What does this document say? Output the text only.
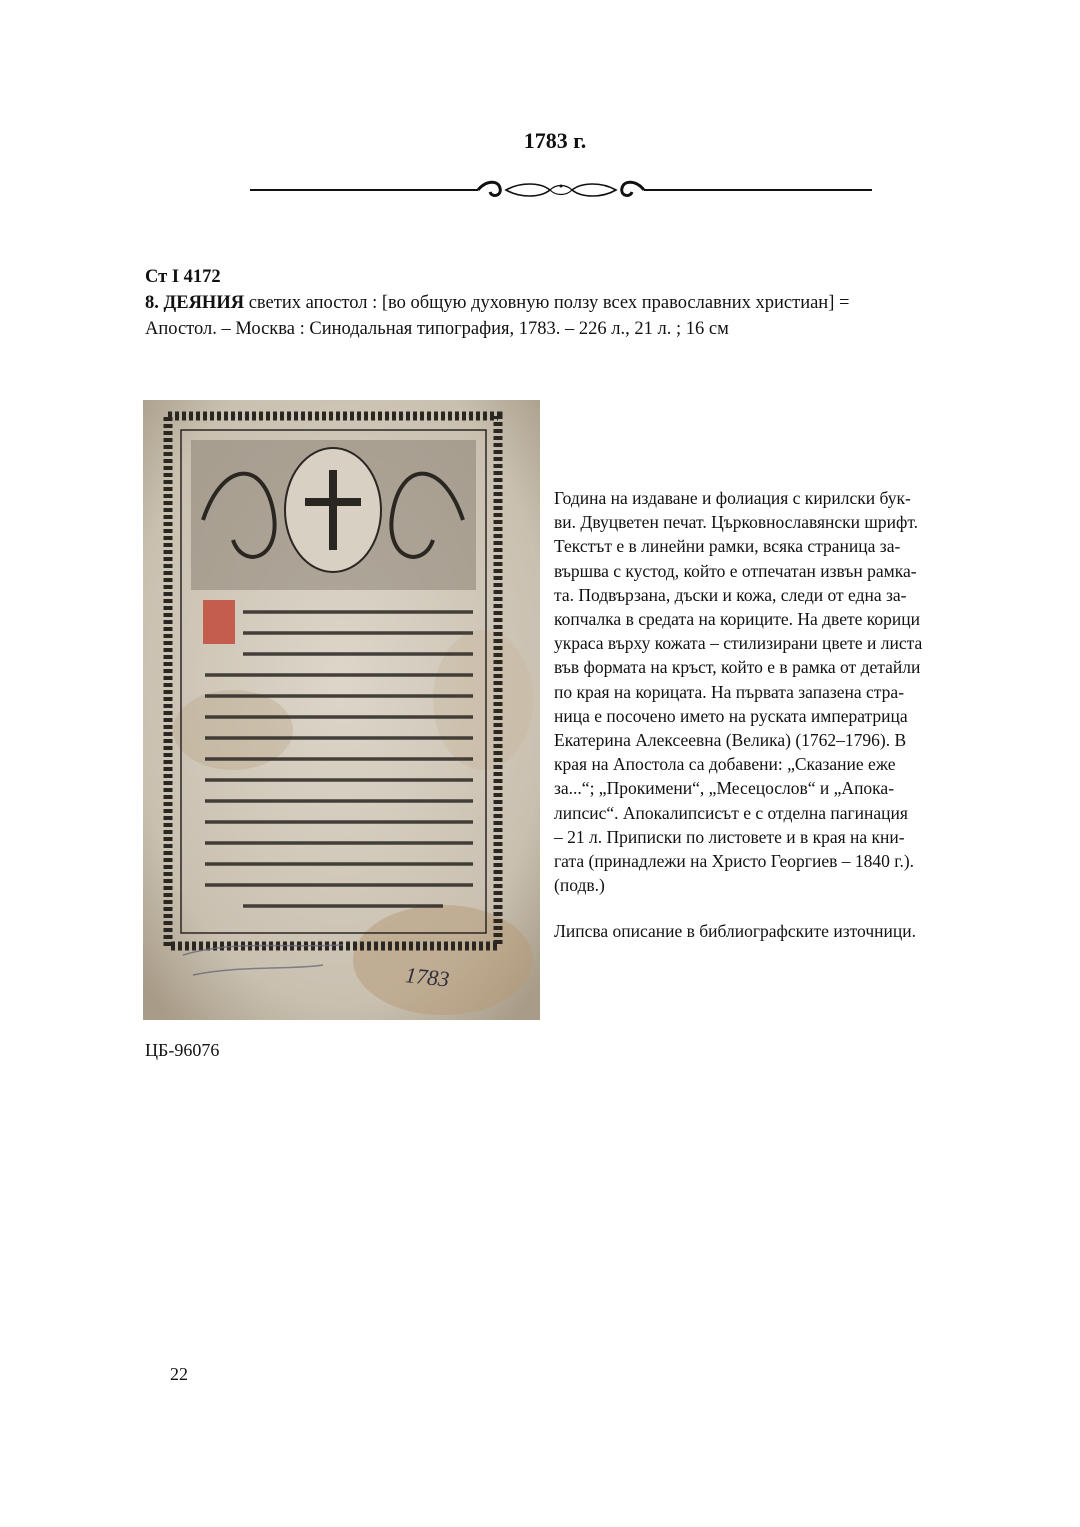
1783 г.
Ст I 4172
8. ДЕЯНИЯ светих апостол : [во общую духовную ползу всех православних христиан] =
Апостол. – Москва : Синодальная типография, 1783. – 226 л., 21 л. ; 16 см
1783
Година на издаване и фолиация с кирилски бук-
ви. Двуцветен печат. Църковнославянски шрифт.
Текстът е в линейни рамки, всяка страница за-
вършва с кустод, който е отпечатан извън рамка-
та. Подвързана, дъски и кожа, следи от една за-
копчалка в средата на кориците. На двете корици
украса върху кожата – стилизирани цвете и листа
във формата на кръст, който е в рамка от детайли
по края на корицата. На първата запазена стра-
ница е посочено името на руската императрица
Екатерина Алексеевна (Велика) (1762–1796). В
края на Апостола са добавени: „Сказание еже
за...“; „Прокимени“, „Месецослов“ и „Апока-
липсис“. Апокалипсисът е с отделна пагинация
– 21 л. Приписки по листовете и в края на кни-
гата (принадлежи на Христо Георгиев – 1840 г.).
(подв.)
Липсва описание в библиографските източници.
ЦБ-96076
22
